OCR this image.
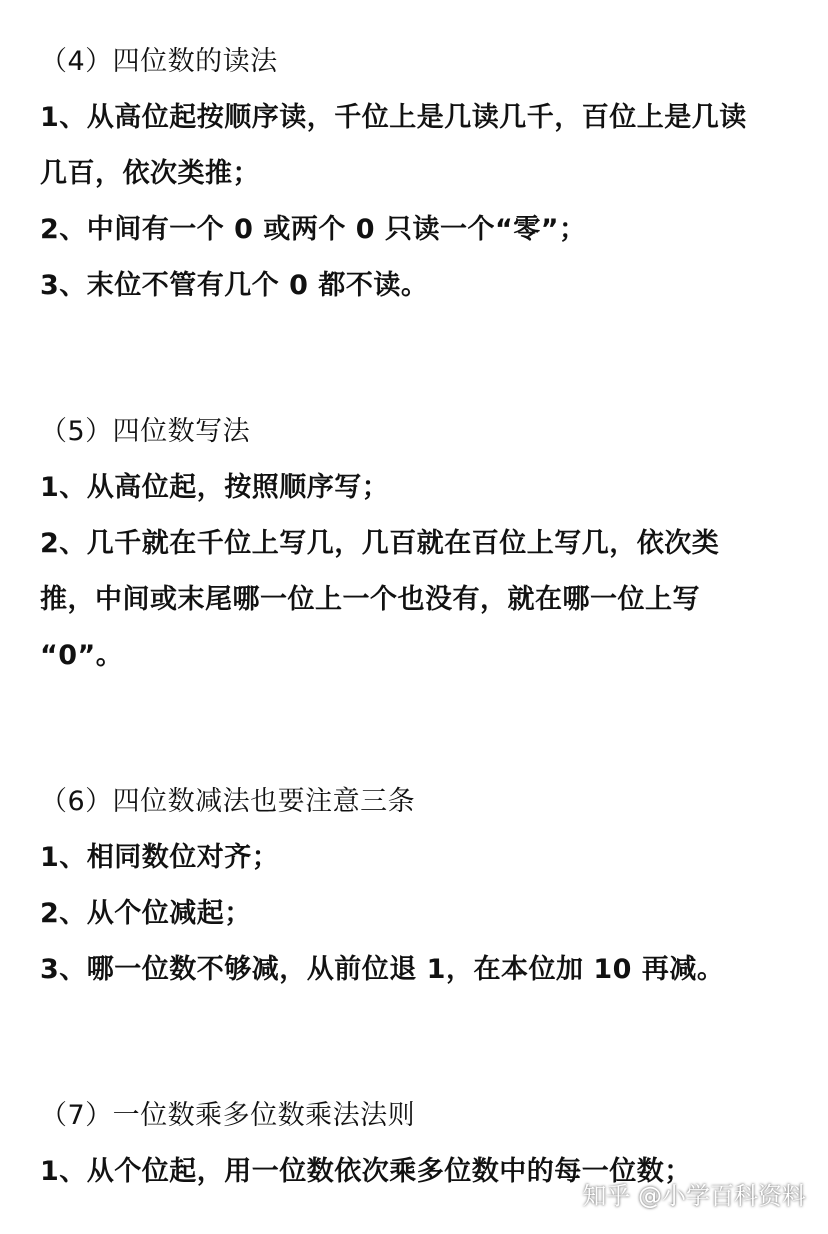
（4）四位数的读法
1、从高位起按顺序读，千位上是几读几千，百位上是几读
几百，依次类推；
2、中间有一个 0 或两个 0 只读一个“零”；
3、末位不管有几个 0 都不读。
（5）四位数写法
1、从高位起，按照顺序写；
2、几千就在千位上写几，几百就在百位上写几，依次类
推，中间或末尾哪一位上一个也没有，就在哪一位上写
“0”。
（6）四位数减法也要注意三条
1、相同数位对齐；
2、从个位减起；
3、哪一位数不够减，从前位退 1，在本位加 10 再减。
（7）一位数乘多位数乘法法则
1、从个位起，用一位数依次乘多位数中的每一位数；
知乎 @小学百科资料
